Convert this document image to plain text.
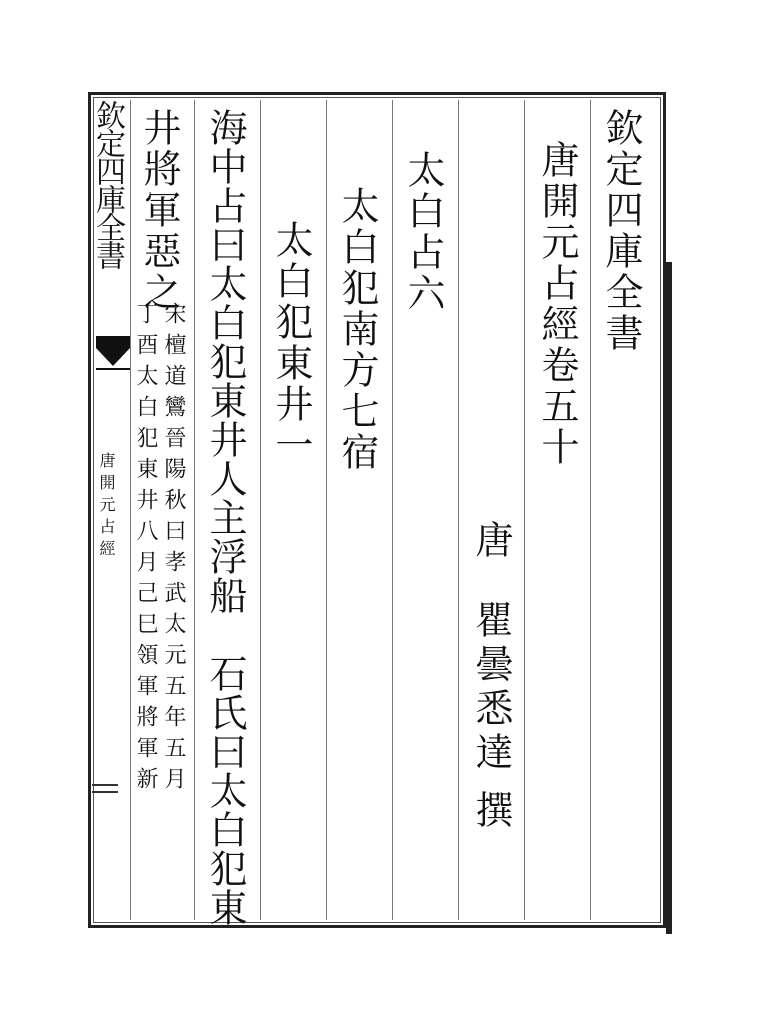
欽定四庫全書
唐開元占經卷五十
唐
瞿曇悉達
撰
太白占六
太白犯南方七宿
太白犯東井一
海中占曰太白犯東井人主浮船　石氏曰太白犯東
井將軍惡之
宋檀道鸞晉陽秋曰孝武太元五年五月
丁酉太白犯東井八月己巳領軍將軍新
欽定四庫全書
唐開元占經
